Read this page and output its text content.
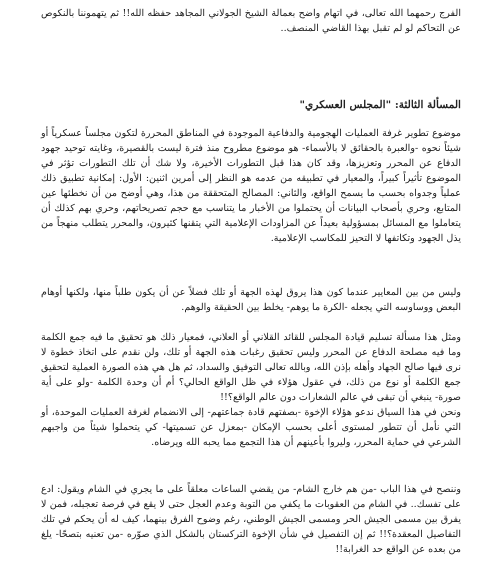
الفرج رحمهما الله تعالى، في اتهام واضح بعمالة الشيخ الجولاني المجاهد حفظه الله!! ثم يتهموننا بالنكوص عن التحاكم لو لم تقبل بهذا القاضي المنصف..

المسألة الثالثة: "المجلس العسكري"

موضوع تطوير غرفة العمليات الهجومية والدفاعية الموجودة في المناطق المحررة لتكون مجلساً عسكرياً أو شيئاً نحوه -والعبرة بالحقائق لا بالأسماء- هو موضوع مطروح منذ فترة ليست بالقصيرة، وغايته توحيد جهود الدفاع عن المحرر وتعزيزها، وقد كان هذا قبل التطورات الأخيرة، ولا شك أن تلك التطورات تؤثر في الموضوع تأثيراً كبيراً، والمعيار في تطبيقه من عدمه هو النظر إلى أمرين اثنين: الأول: إمكانية تطبيق ذلك عملياً وجدواه بحسب ما يسمح الواقع، والثاني: المصالح المتحققة من هذا، وهي أوضح من أن نخطئها عين المتابع، وحري بأصحاب البيانات أن يحتملوا من الأخبار ما يتناسب مع حجم تصريحاتهم، وحري بهم كذلك أن يتعاملوا مع المسائل بمسؤولية بعيداً عن المزاودات الإعلامية التي يتقنها كثيرون، والمحرر يتطلب منهجاً من يذل الجهود وتكاتفها لا التحيز للمكاسب الإعلامية.

وليس من بين المعايير عندما كون هذا يروق لهذه الجهة أو تلك فضلاً عن أن يكون طلباً منها، ولكنها أوهام البعض ووساوسه التي يجعله -الكرة ما يوهم- يخلط بين الحقيقة والوهم.

ومثل هذا مسألة تسليم قيادة المجلس للقائد القلاني أو العلاني، فمعيار ذلك هو تحقيق ما فيه جمع الكلمة وما فيه مصلحة الدفاع عن المحرر وليس تحقيق رغبات هذه الجهة أو تلك، ولن نقدم على اتخاذ خطوة لا نرى فيها صالح الجهاد وأهله بإذن الله، وبالله تعالى التوفيق والسداد، ثم هل هي هذه الصورة العملية لتحقيق جمع الكلمة أو نوع من ذلك، في عقول هؤلاء في ظل الواقع الحالي؟ أم أن وحدة الكلمة -ولو على أية صورة- ينبغي أن تبقى في عالم الشعارات دون عالم الواقع؟!!

ونحن في هذا السياق ندعو هؤلاء الإخوة -بصفتهم قادة جماعتهم- إلى الانضمام لغرفة العمليات الموحدة، أو التي نأمل أن تتطور لمستوى أعلى بحسب الإمكان -بمعزل عن تسميتها- كي يتحملوا شيئاً من واجبهم الشرعي في حماية المحرر، وليروا بأعينهم أن هذا التجمع مما يحبه الله ويرضاه.

وننصح في هذا الباب -من هم خارج الشام- من يقضي الساعات معلقاً على ما يجري في الشام ويقول: ادع على تفسك.. في الشام من العقوبات ما يكفي من التوبة وعدم العجل حتى لا يقع في فرصة تعجبله، فمن لا يفرق بين مسمى الجيش الحر ومسمى الجيش الوطني، رغم وضوح الفرق بينهما، كيف له أن يحكم في تلك التفاصيل المعقدة؟!! ثم إن التفصيل في شأن الإخوة التركستان بالشكل الذي صوّره -من تعنيه بتصحّا- يلغ من بعده عن الواقع حد الغرابة!!
